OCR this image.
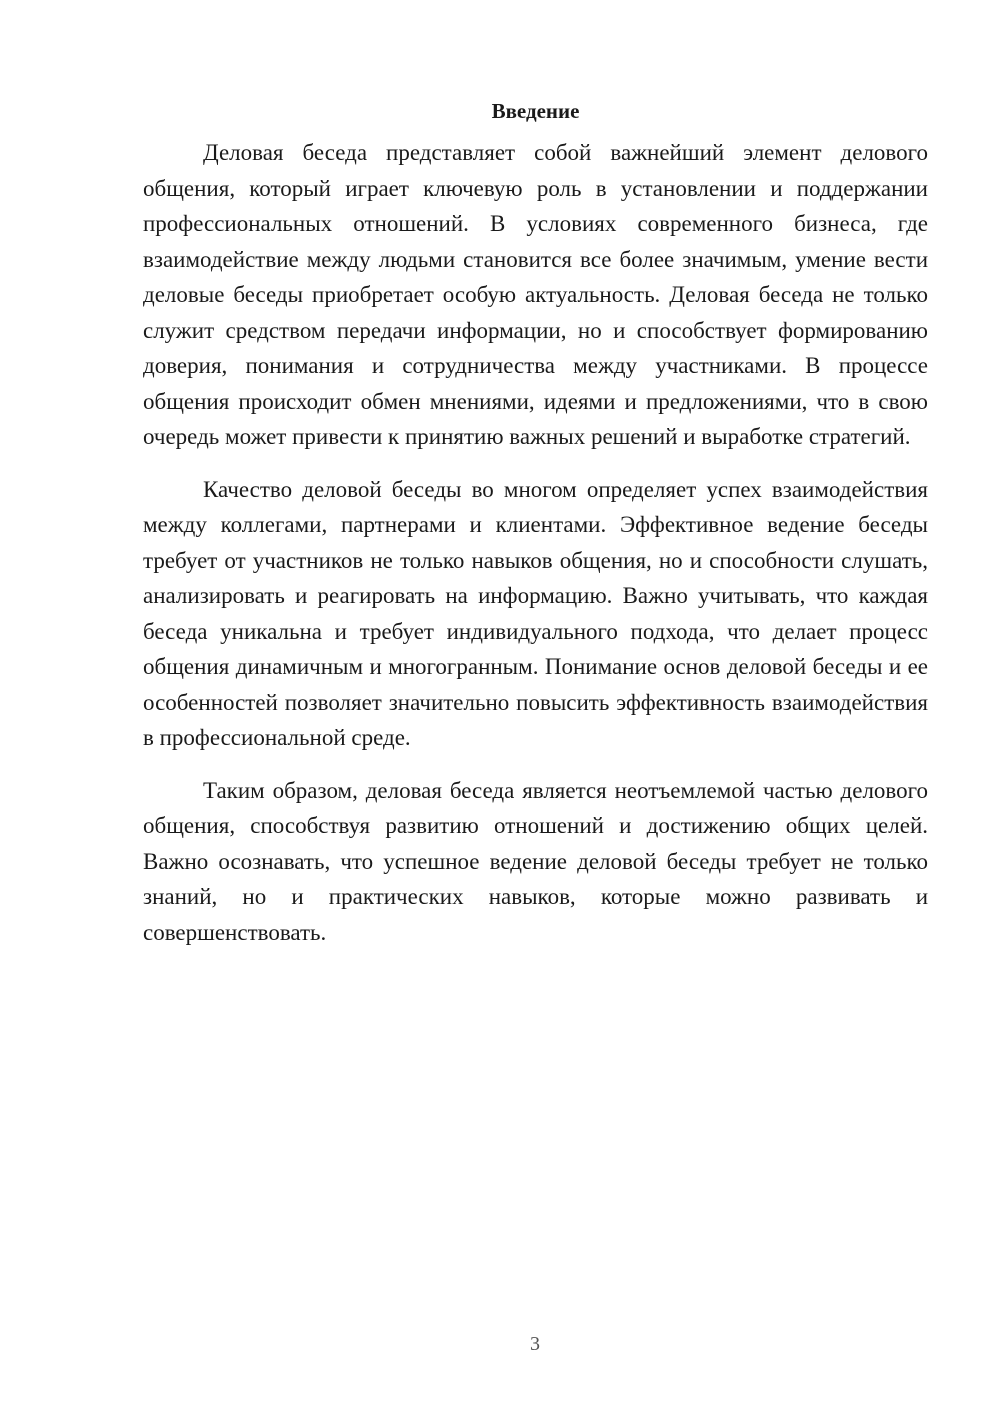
Введение

Деловая беседа представляет собой важнейший элемент делового общения, который играет ключевую роль в установлении и поддержании профессиональных отношений. В условиях современного бизнеса, где взаимодействие между людьми становится все более значимым, умение вести деловые беседы приобретает особую актуальность. Деловая беседа не только служит средством передачи информации, но и способствует формированию доверия, понимания и сотрудничества между участниками. В процессе общения происходит обмен мнениями, идеями и предложениями, что в свою очередь может привести к принятию важных решений и выработке стратегий.

Качество деловой беседы во многом определяет успех взаимодействия между коллегами, партнерами и клиентами. Эффективное ведение беседы требует от участников не только навыков общения, но и способности слушать, анализировать и реагировать на информацию. Важно учитывать, что каждая беседа уникальна и требует индивидуального подхода, что делает процесс общения динамичным и многогранным. Понимание основ деловой беседы и ее особенностей позволяет значительно повысить эффективность взаимодействия в профессиональной среде.

Таким образом, деловая беседа является неотъемлемой частью делового общения, способствуя развитию отношений и достижению общих целей. Важно осознавать, что успешное ведение деловой беседы требует не только знаний, но и практических навыков, которые можно развивать и совершенствовать.

3
